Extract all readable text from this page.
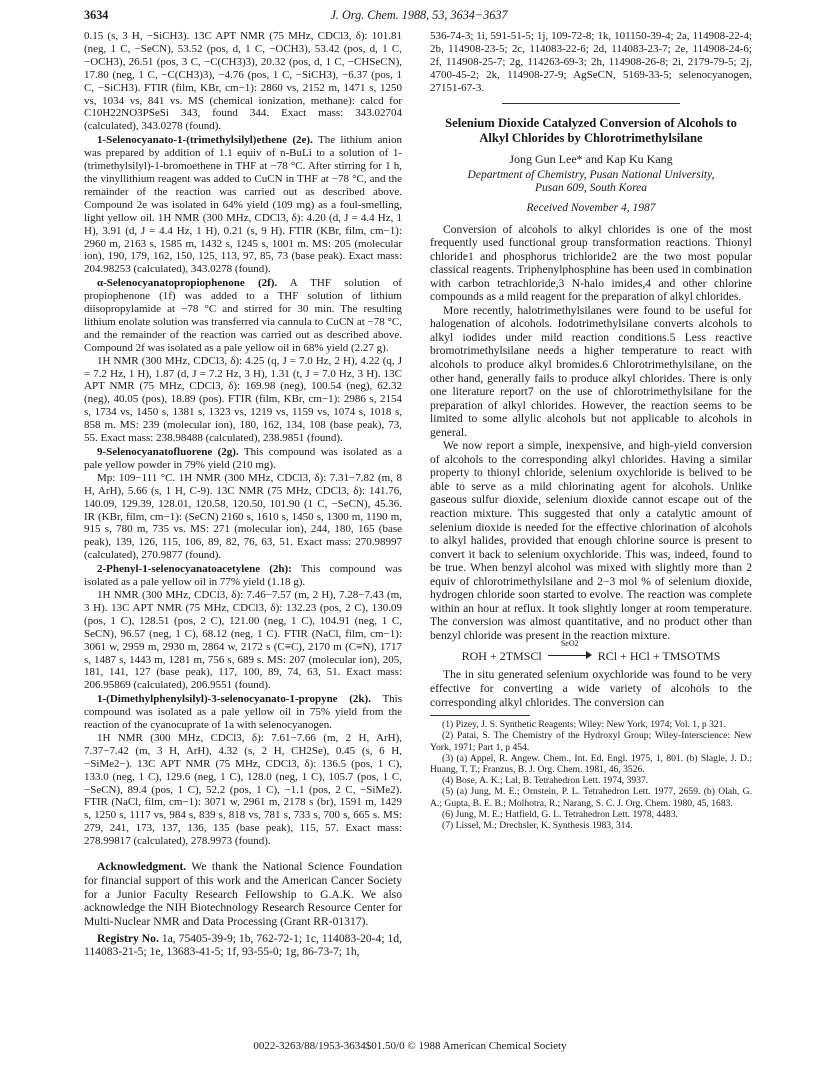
3634	J. Org. Chem. 1988, 53, 3634−3637

0.15 (s, 3 H, −SiCH3). 13C APT NMR (75 MHz, CDCl3, δ): 101.81 (neg, 1 C, −SeCN), 53.52 (pos, d, 1 C, −OCH3), 53.42 (pos, d, 1 C, −OCH3), 26.51 (pos, 3 C, −C(CH3)3), 20.32 (pos, d, 1 C, −CHSeCN), 17.80 (neg, 1 C, −C(CH3)3), −4.76 (pos, 1 C, −SiCH3), −6.37 (pos, 1 C, −SiCH3). FTIR (film, KBr, cm−1): 2860 vs, 2152 m, 1471 s, 1250 vs, 1034 vs, 841 vs. MS (chemical ionization, methane): calcd for C10H22NO3PSeSi 343, found 344. Exact mass: 343.02704 (calculated), 343.0278 (found).

1-Selenocyanato-1-(trimethylsilyl)ethene (2e). The lithium anion was prepared by addition of 1.1 equiv of n-BuLi to a solution of 1-(trimethylsilyl)-1-bromoethene in THF at −78 °C. After stirring for 1 h, the vinyllithium reagent was added to CuCN in THF at −78 °C, and the remainder of the reaction was carried out as described above. Compound 2e was isolated in 64% yield (109 mg) as a foul-smelling, light yellow oil. 1H NMR (300 MHz, CDCl3, δ): 4.20 (d, J = 4.4 Hz, 1 H), 3.91 (d, J = 4.4 Hz, 1 H), 0.21 (s, 9 H). FTIR (KBr, film, cm−1): 2960 m, 2163 s, 1585 m, 1432 s, 1245 s, 1001 m. MS: 205 (molecular ion), 190, 179, 162, 150, 125, 113, 97, 85, 73 (base peak). Exact mass: 204.98253 (calculated), 343.0278 (found).

α-Selenocyanatopropiophenone (2f). A THF solution of propiophenone (1f) was added to a THF solution of lithium diisopropylamide at −78 °C and stirred for 30 min. The resulting lithium enolate solution was transferred via cannula to CuCN at −78 °C, and the remainder of the reaction was carried out as described above. Compound 2f was isolated as a pale yellow oil in 68% yield (2.27 g).

1H NMR (300 MHz, CDCl3, δ): 4.25 (q, J = 7.0 Hz, 2 H), 4.22 (q, J = 7.2 Hz, 1 H), 1.87 (d, J = 7.2 Hz, 3 H), 1.31 (t, J = 7.0 Hz, 3 H). 13C APT NMR (75 MHz, CDCl3, δ): 169.98 (neg), 100.54 (neg), 62.32 (neg), 40.05 (pos), 18.89 (pos). FTIR (film, KBr, cm−1): 2986 s, 2154 s, 1734 vs, 1450 s, 1381 s, 1323 vs, 1219 vs, 1159 vs, 1074 s, 1018 s, 858 m. MS: 239 (molecular ion), 180, 162, 134, 108 (base peak), 73, 55. Exact mass: 238.98488 (calculated), 238.9851 (found).

9-Selenocyanatofluorene (2g). This compound was isolated as a pale yellow powder in 79% yield (210 mg).

Mp: 109−111 °C. 1H NMR (300 MHz, CDCl3, δ): 7.31−7.82 (m, 8 H, ArH), 5.66 (s, 1 H, C-9). 13C NMR (75 MHz, CDCl3, δ): 141.76, 140.09, 129.39, 128.01, 120.58, 120.50, 101.90 (1 C, −SeCN), 45.36. IR (KBr, film, cm−1): (SeCN) 2160 s, 1610 s, 1450 s, 1300 m, 1190 m, 915 s, 780 m, 735 vs. MS: 271 (molecular ion), 244, 180, 165 (base peak), 139, 126, 115, 106, 89, 82, 76, 63, 51. Exact mass: 270.98997 (calculated), 270.9877 (found).

2-Phenyl-1-selenocyanatoacetylene (2h): This compound was isolated as a pale yellow oil in 77% yield (1.18 g).

1H NMR (300 MHz, CDCl3, δ): 7.46−7.57 (m, 2 H), 7.28−7.43 (m, 3 H). 13C APT NMR (75 MHz, CDCl3, δ): 132.23 (pos, 2 C), 130.09 (pos, 1 C), 128.51 (pos, 2 C), 121.00 (neg, 1 C), 104.91 (neg, 1 C, SeCN), 96.57 (neg, 1 C), 68.12 (neg, 1 C). FTIR (NaCl, film, cm−1): 3061 w, 2959 m, 2930 m, 2864 w, 2172 s (C≡C), 2170 m (C≡N), 1717 s, 1487 s, 1443 m, 1281 m, 756 s, 689 s. MS: 207 (molecular ion), 205, 181, 141, 127 (base peak), 117, 100, 89, 74, 63, 51. Exact mass: 206.95869 (calculated), 206.9551 (found).

1-(Dimethylphenylsilyl)-3-selenocyanato-1-propyne (2k). This compound was isolated as a pale yellow oil in 75% yield from the reaction of the cyanocuprate of 1a with selenocyanogen.

1H NMR (300 MHz, CDCl3, δ): 7.61−7.66 (m, 2 H, ArH), 7.37−7.42 (m, 3 H, ArH), 4.32 (s, 2 H, CH2Se), 0.45 (s, 6 H, −SiMe2−). 13C APT NMR (75 MHz, CDCl3, δ): 136.5 (pos, 1 C), 133.0 (neg, 1 C), 129.6 (neg, 1 C), 128.0 (neg, 1 C), 105.7 (pos, 1 C, −SeCN), 89.4 (pos, 1 C), 52.2 (pos, 1 C), −1.1 (pos, 2 C, −SiMe2). FTIR (NaCl, film, cm−1): 3071 w, 2961 m, 2178 s (br), 1591 m, 1429 s, 1250 s, 1117 vs, 984 s, 839 s, 818 vs, 781 s, 733 s, 700 s, 665 s. MS: 279, 241, 173, 137, 136, 135 (base peak), 115, 57. Exact mass: 278.99817 (calculated), 278.9973 (found).

Acknowledgment. We thank the National Science Foundation for financial support of this work and the American Cancer Society for a Junior Faculty Research Fellowship to G.A.K. We also acknowledge the NIH Biotechnology Research Resource Center for Multi-Nuclear NMR and Data Processing (Grant RR-01317).

Registry No. 1a, 75405-39-9; 1b, 762-72-1; 1c, 114083-20-4; 1d, 114083-21-5; 1e, 13683-41-5; 1f, 93-55-0; 1g, 86-73-7; 1h,

536-74-3; 1i, 591-51-5; 1j, 109-72-8; 1k, 101150-39-4; 2a, 114908-22-4; 2b, 114908-23-5; 2c, 114083-22-6; 2d, 114083-23-7; 2e, 114908-24-6; 2f, 114908-25-7; 2g, 114263-69-3; 2h, 114908-26-8; 2i, 2179-79-5; 2j, 4700-45-2; 2k, 114908-27-9; AgSeCN, 5169-33-5; selenocyanogen, 27151-67-3.

Selenium Dioxide Catalyzed Conversion of Alcohols to Alkyl Chlorides by Chlorotrimethylsilane
Jong Gun Lee* and Kap Ku Kang
Department of Chemistry, Pusan National University,
Pusan 609, South Korea
Received November 4, 1987

Conversion of alcohols to alkyl chlorides is one of the most frequently used functional group transformation reactions. Thionyl chloride1 and phosphorus trichloride2 are the two most popular classical reagents. Triphenylphosphine has been used in combination with carbon tetrachloride,3 N-halo imides,4 and other chlorine compounds as a mild reagent for the preparation of alkyl chlorides.

More recently, halotrimethylsilanes were found to be useful for halogenation of alcohols. Iodotrimethylsilane converts alcohols to alkyl iodides under mild reaction conditions.5 Less reactive bromotrimethylsilane needs a higher temperature to react with alcohols to produce alkyl bromides.6 Chlorotrimethylsilane, on the other hand, generally fails to produce alkyl chlorides. There is only one literature report7 on the use of chlorotrimethylsilane for the preparation of alkyl chlorides. However, the reaction seems to be limited to some allylic alcohols but not applicable to alcohols in general.

We now report a simple, inexpensive, and high-yield conversion of alcohols to the corresponding alkyl chlorides. Having a similar property to thionyl chloride, selenium oxychloride is belived to be able to serve as a mild chlorinating agent for alcohols. Unlike gaseous sulfur dioxide, selenium dioxide cannot escape out of the reaction mixture. This suggested that only a catalytic amount of selenium dioxide is needed for the effective chlorination of alcohols to alkyl halides, provided that enough chlorine source is present to convert it back to selenium oxychloride. This was, indeed, found to be true. When benzyl alcohol was mixed with slightly more than 2 equiv of chlorotrimethylsilane and 2−3 mol % of selenium dioxide, hydrogen chloride soon started to evolve. The reaction was complete within an hour at reflux. It took slightly longer at room temperature. The conversion was almost quantitative, and no product other than benzyl chloride was present in the reaction mixture.

ROH + 2TMSCl
SeO2
RCl + HCl + TMSOTMS

The in situ generated selenium oxychloride was found to be very effective for converting a wide variety of alcohols to the corresponding alkyl chlorides. The conversion can

(1) Pizey, J. S. Synthetic Reagents; Wiley: New York, 1974; Vol. 1, p 321.

(2) Patai, S. The Chemistry of the Hydroxyl Group; Wiley-Interscience: New York, 1971; Part 1, p 454.

(3) (a) Appel, R. Angew. Chem., Int. Ed. Engl. 1975, 1, 801. (b) Slagle, J. D.; Huang, T. T.; Franzus, B. J. Org. Chem. 1981, 46, 3526.

(4) Bose, A. K.; Lal, B. Tetrahedron Lett. 1974, 3937.

(5) (a) Jung, M. E.; Ornstein, P. L. Tetrahedron Lett. 1977, 2659. (b) Olah, G. A.; Gupta, B. E. B.; Molhotra, R.; Narang, S. C. J. Org. Chem. 1980, 45, 1683.

(6) Jung, M. E.; Hatfield, G. L. Tetrahedron Lett. 1978, 4483.

(7) Lissel, M.; Drechsler, K. Synthesis 1983, 314.

0022-3263/88/1953-3634$01.50/0 © 1988 American Chemical Society
